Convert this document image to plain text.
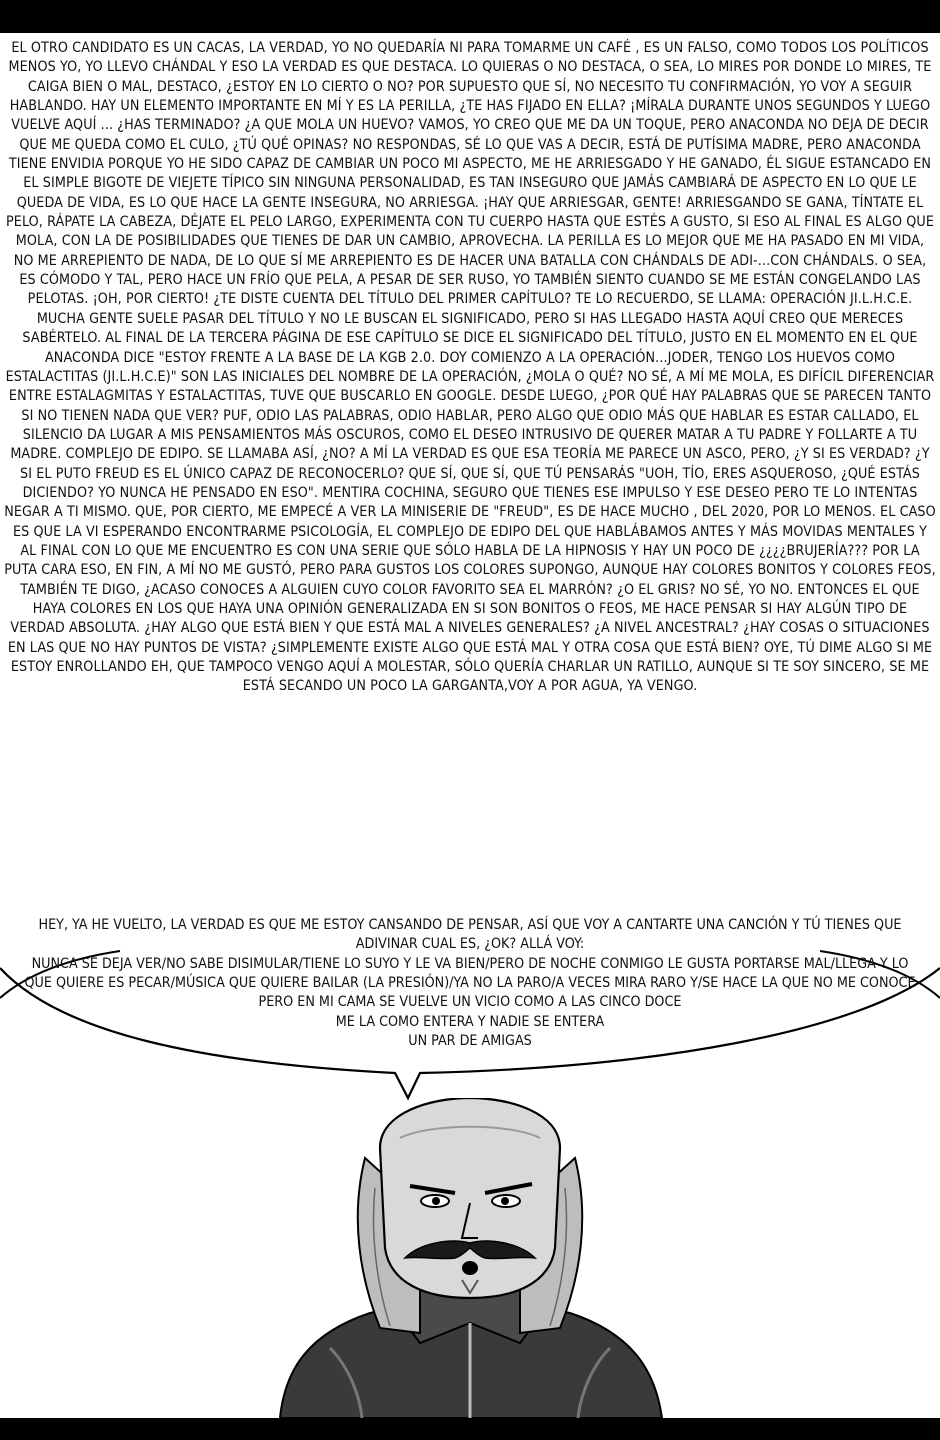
EL OTRO CANDIDATO ES UN CACAS, LA VERDAD, YO NO QUEDARÍA NI PARA TOMARME UN CAFÉ , ES UN FALSO, COMO TODOS LOS POLÍTICOS MENOS YO, YO LLEVO CHÁNDAL Y ESO LA VERDAD ES QUE DESTACA. LO QUIERAS O NO DESTACA, O SEA, LO MIRES POR DONDE LO MIRES, TE CAIGA BIEN O MAL, DESTACO, ¿ESTOY EN LO CIERTO O NO? POR SUPUESTO QUE SÍ, NO NECESITO TU CONFIRMACIÓN, YO VOY A SEGUIR HABLANDO. HAY UN ELEMENTO IMPORTANTE EN MÍ Y ES LA PERILLA, ¿TE HAS FIJADO EN ELLA? ¡MÍRALA DURANTE UNOS SEGUNDOS Y LUEGO VUELVE AQUÍ ... ¿HAS TERMINADO? ¿A QUE MOLA UN HUEVO? VAMOS, YO CREO QUE ME DA UN TOQUE, PERO ANACONDA NO DEJA DE DECIR QUE ME QUEDA COMO EL CULO, ¿TÚ QUÉ OPINAS? NO RESPONDAS, SÉ LO QUE VAS A DECIR, ESTÁ DE PUTÍSIMA MADRE, PERO ANACONDA TIENE ENVIDIA PORQUE YO HE SIDO CAPAZ DE CAMBIAR UN POCO MI ASPECTO, ME HE ARRIESGADO Y HE GANADO, ÉL SIGUE ESTANCADO EN EL SIMPLE BIGOTE DE VIEJETE TÍPICO SIN NINGUNA PERSONALIDAD, ES TAN INSEGURO QUE JAMÁS CAMBIARÁ DE ASPECTO EN LO QUE LE QUEDA DE VIDA, ES LO QUE HACE LA GENTE INSEGURA, NO ARRIESGA. ¡HAY QUE ARRIESGAR, GENTE! ARRIESGANDO SE GANA, TÍNTATE EL PELO, RÁPATE LA CABEZA, DÉJATE EL PELO LARGO, EXPERIMENTA CON TU CUERPO HASTA QUE ESTÉS A GUSTO, SI ESO AL FINAL ES ALGO QUE MOLA, CON LA DE POSIBILIDADES QUE TIENES DE DAR UN CAMBIO, APROVECHA. LA PERILLA ES LO MEJOR QUE ME HA PASADO EN MI VIDA, NO ME ARREPIENTO DE NADA, DE LO QUE SÍ ME ARREPIENTO ES DE HACER UNA BATALLA CON CHÁNDALS DE ADI-...CON CHÁNDALS. O SEA, ES CÓMODO Y TAL, PERO HACE UN FRÍO QUE PELA, A PESAR DE SER RUSO, YO TAMBIÉN SIENTO CUANDO SE ME ESTÁN CONGELANDO LAS PELOTAS. ¡OH, POR CIERTO! ¿TE DISTE CUENTA DEL TÍTULO DEL PRIMER CAPÍTULO? TE LO RECUERDO, SE LLAMA: OPERACIÓN JI.L.H.C.E. MUCHA GENTE SUELE PASAR DEL TÍTULO Y NO LE BUSCAN EL SIGNIFICADO, PERO SI HAS LLEGADO HASTA AQUÍ CREO QUE MERECES SABÉRTELO. AL FINAL DE LA TERCERA PÁGINA DE ESE CAPÍTULO SE DICE EL SIGNIFICADO DEL TÍTULO, JUSTO EN EL MOMENTO EN EL QUE ANACONDA DICE "ESTOY FRENTE A LA BASE DE LA KGB 2.0. DOY COMIENZO A LA OPERACIÓN...JODER, TENGO LOS HUEVOS COMO ESTALACTITAS (JI.L.H.C.E)" SON LAS INICIALES DEL NOMBRE DE LA OPERACIÓN, ¿MOLA O QUÉ? NO SÉ, A MÍ ME MOLA, ES DIFÍCIL DIFERENCIAR ENTRE ESTALAGMITAS Y ESTALACTITAS, TUVE QUE BUSCARLO EN GOOGLE. DESDE LUEGO, ¿POR QUÉ HAY PALABRAS QUE SE PARECEN TANTO SI NO TIENEN NADA QUE VER? PUF, ODIO LAS PALABRAS, ODIO HABLAR, PERO ALGO QUE ODIO MÁS QUE HABLAR ES ESTAR CALLADO, EL SILENCIO DA LUGAR A MIS PENSAMIENTOS MÁS OSCUROS, COMO EL DESEO INTRUSIVO DE QUERER MATAR A TU PADRE Y FOLLARTE A TU MADRE. COMPLEJO DE EDIPO. SE LLAMABA ASÍ, ¿NO? A MÍ LA VERDAD ES QUE ESA TEORÍA ME PARECE UN ASCO, PERO, ¿Y SI ES VERDAD? ¿Y SI EL PUTO FREUD ES EL ÚNICO CAPAZ DE RECONOCERLO? QUE SÍ, QUE SÍ, QUE TÚ PENSARÁS "UOH, TÍO, ERES ASQUEROSO, ¿QUÉ ESTÁS DICIENDO? YO NUNCA HE PENSADO EN ESO". MENTIRA COCHINA, SEGURO QUE TIENES ESE IMPULSO Y ESE DESEO PERO TE LO INTENTAS NEGAR A TI MISMO. QUE, POR CIERTO, ME EMPECÉ A VER LA MINISERIE DE "FREUD", ES DE HACE MUCHO , DEL 2020, POR LO MENOS. EL CASO ES QUE LA VI ESPERANDO ENCONTRARME PSICOLOGÍA, EL COMPLEJO DE EDIPO DEL QUE HABLÁBAMOS ANTES Y MÁS MOVIDAS MENTALES Y AL FINAL CON LO QUE ME ENCUENTRO ES CON UNA SERIE QUE SÓLO HABLA DE LA HIPNOSIS Y HAY UN POCO DE ¿¿¿¿BRUJERÍA??? POR LA PUTA CARA ESO, EN FIN, A MÍ NO ME GUSTÓ, PERO PARA GUSTOS LOS COLORES SUPONGO, AUNQUE HAY COLORES BONITOS Y COLORES FEOS, TAMBIÉN TE DIGO, ¿ACASO CONOCES A ALGUIEN CUYO COLOR FAVORITO SEA EL MARRÓN? ¿O EL GRIS? NO SÉ, YO NO. ENTONCES EL QUE HAYA COLORES EN LOS QUE HAYA UNA OPINIÓN GENERALIZADA EN SI SON BONITOS O FEOS, ME HACE PENSAR SI HAY ALGÚN TIPO DE VERDAD ABSOLUTA. ¿HAY ALGO QUE ESTÁ BIEN Y QUE ESTÁ MAL A NIVELES GENERALES? ¿A NIVEL ANCESTRAL? ¿HAY COSAS O SITUACIONES EN LAS QUE NO HAY PUNTOS DE VISTA? ¿SIMPLEMENTE EXISTE ALGO QUE ESTÁ MAL Y OTRA COSA QUE ESTÁ BIEN? OYE, TÚ DIME ALGO SI ME ESTOY ENROLLANDO EH, QUE TAMPOCO VENGO AQUÍ A MOLESTAR, SÓLO QUERÍA CHARLAR UN RATILLO, AUNQUE SI TE SOY SINCERO, SE ME ESTÁ SECANDO UN POCO LA GARGANTA,VOY A POR AGUA, YA VENGO.

HEY, YA HE VUELTO, LA VERDAD ES QUE ME ESTOY CANSANDO DE PENSAR, ASÍ QUE VOY A CANTARTE UNA CANCIÓN Y TÚ TIENES QUE ADIVINAR CUAL ES, ¿OK? ALLÁ VOY:

NUNCA SE DEJA VER/NO SABE DISIMULAR/TIENE LO SUYO Y LE VA BIEN/PERO DE NOCHE CONMIGO LE GUSTA PORTARSE MAL/LLEGA Y LO QUE QUIERE ES PECAR/MÚSICA QUE QUIERE BAILAR (LA PRESIÓN)/YA NO LA PARO/A VECES MIRA RARO Y/SE HACE LA QUE NO ME CONOCE

PERO EN MI CAMA SE VUELVE UN VICIO COMO A LAS CINCO DOCE

ME LA COMO ENTERA Y NADIE SE ENTERA

UN PAR DE AMIGAS
